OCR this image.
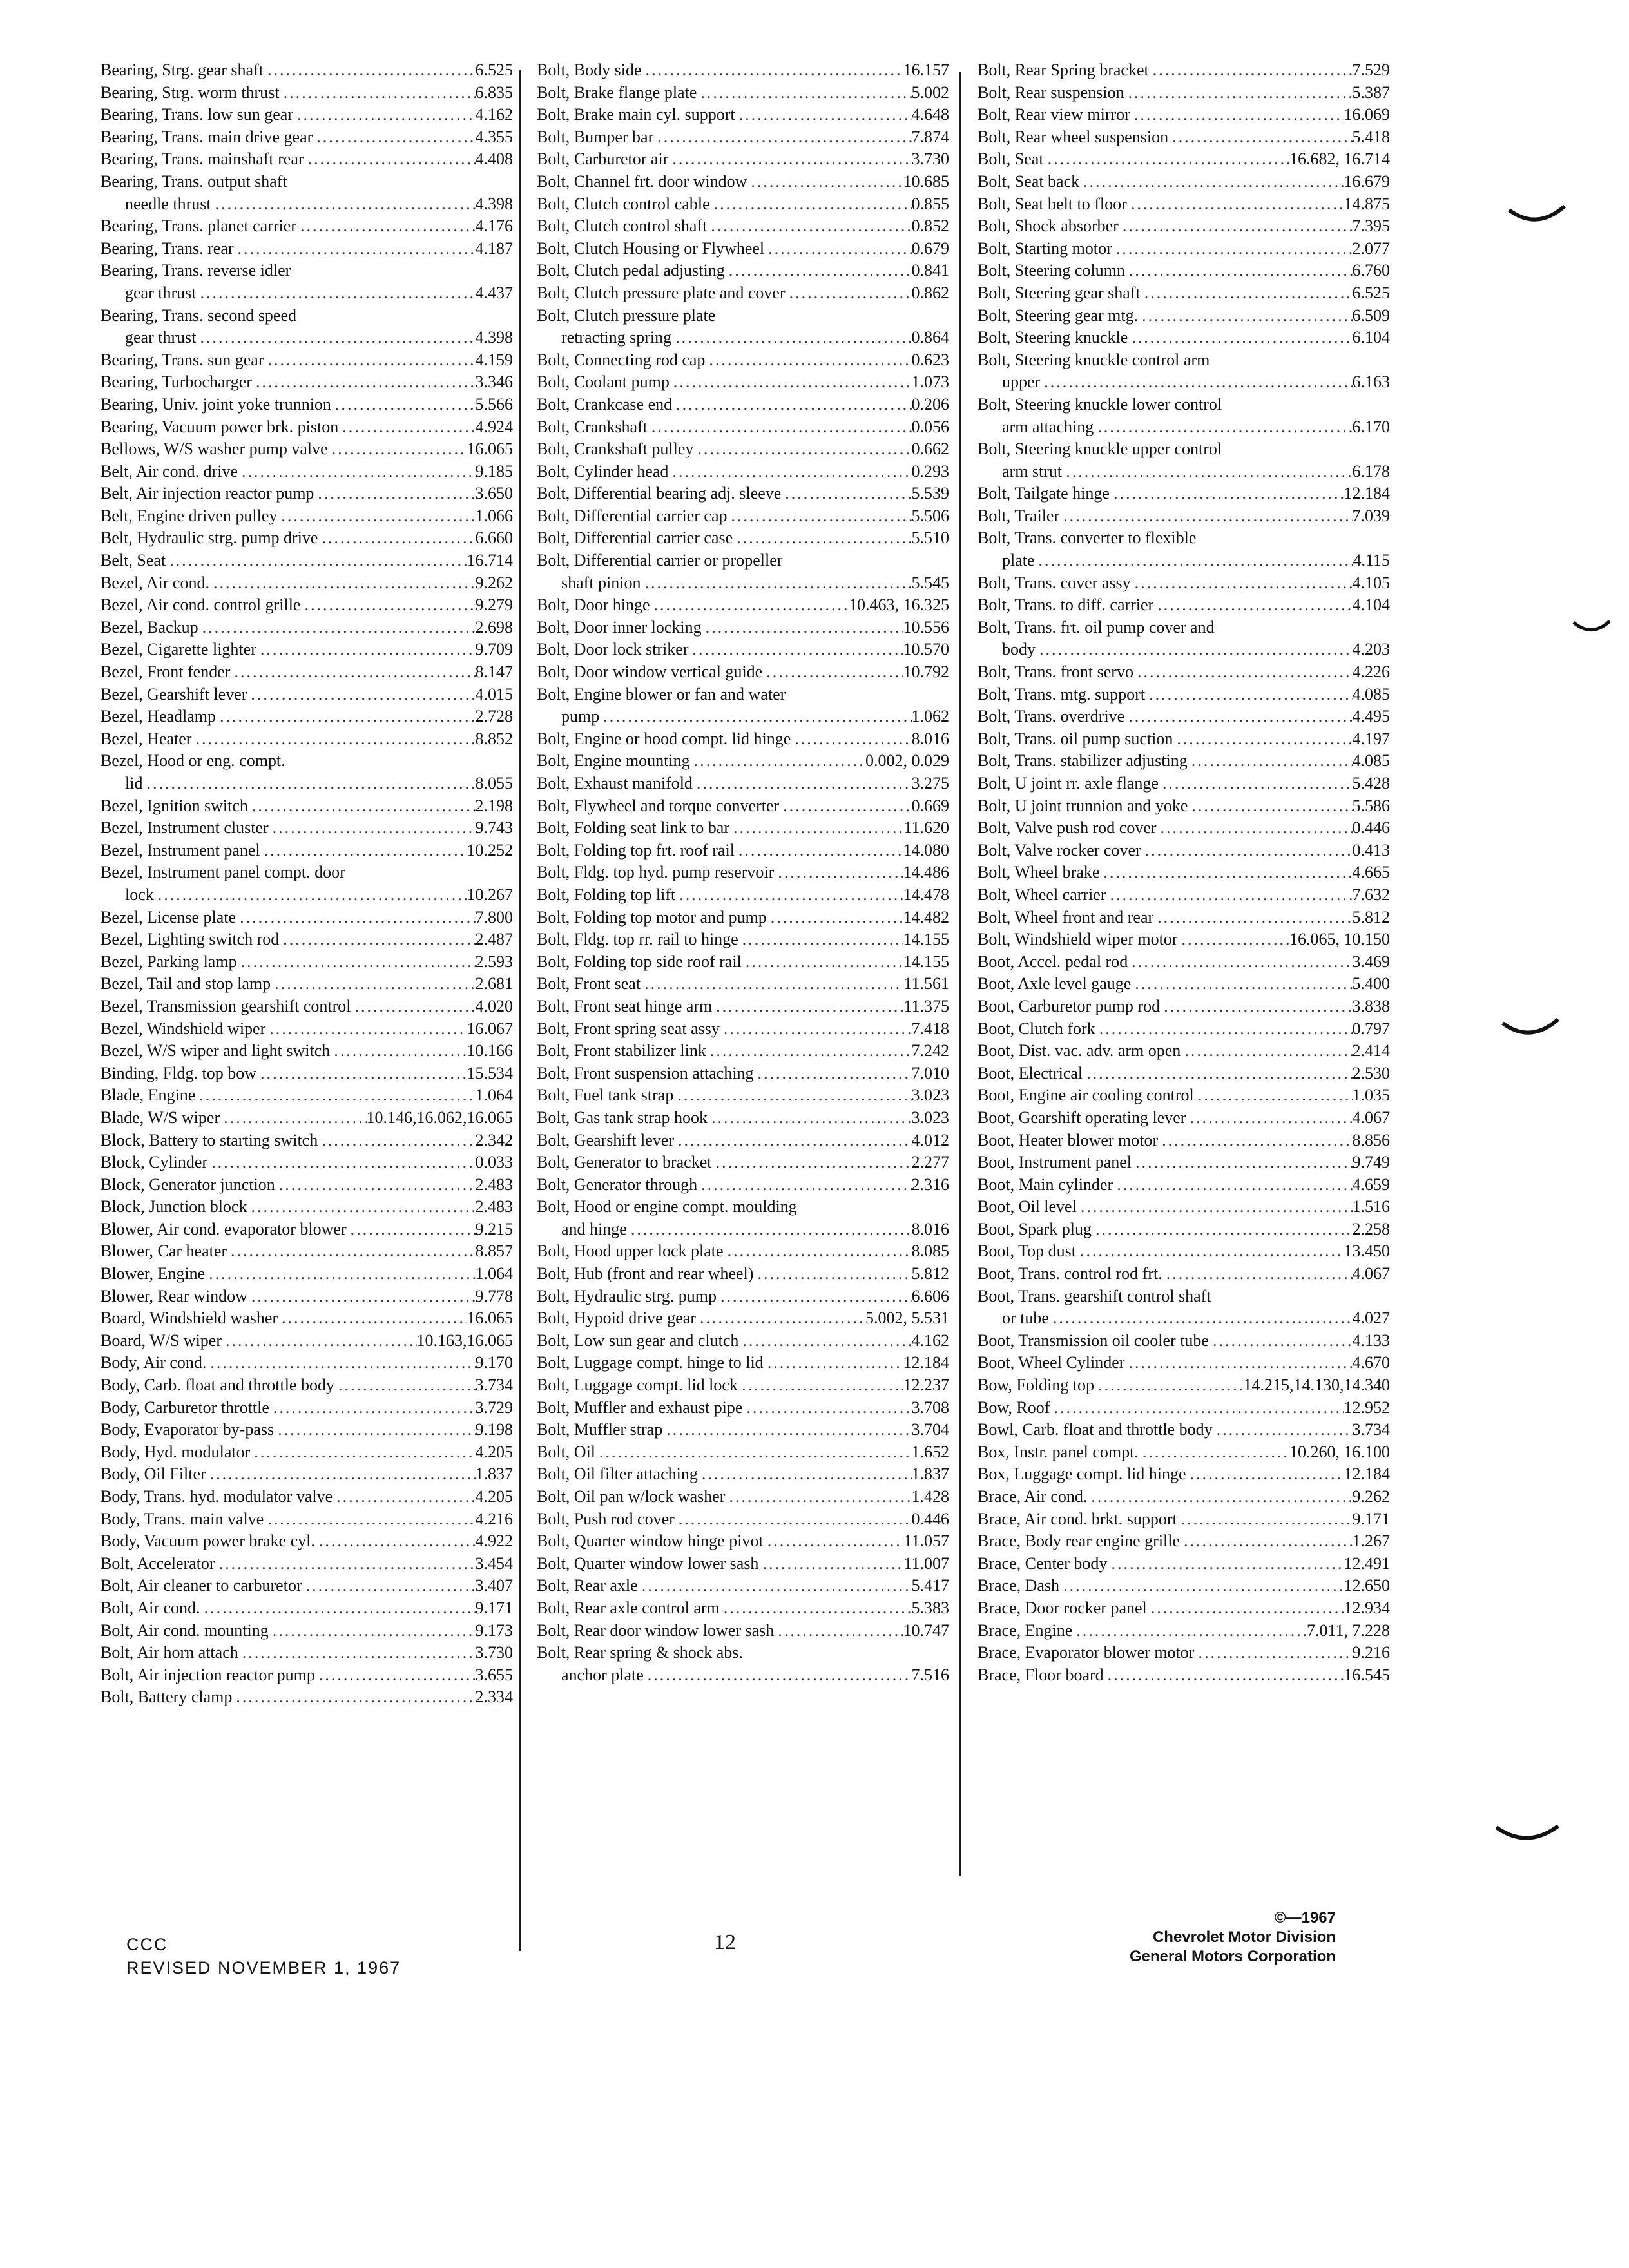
Bearing, Strg. gear shaft .....	6.525
Bearing, Strg. worm thrust .....	6.835
Bearing, Trans. low sun gear .....	4.162
Bearing, Trans. main drive gear .....	4.355
Bearing, Trans. mainshaft rear .....	4.408
Bearing, Trans. output shaft
needle thrust .....	4.398
Bearing, Trans. planet carrier .....	4.176
Bearing, Trans. rear .....	4.187
Bearing, Trans. reverse idler
gear thrust .....	4.437
Bearing, Trans. second speed
gear thrust .....	4.398
Bearing, Trans. sun gear .....	4.159
Bearing, Turbocharger .....	3.346
Bearing, Univ. joint yoke trunnion .....	5.566
Bearing, Vacuum power brk. piston .....	4.924
Bellows, W/S washer pump valve .....	16.065
Belt, Air cond. drive .....	9.185
Belt, Air injection reactor pump .....	3.650
Belt, Engine driven pulley .....	1.066
Belt, Hydraulic strg. pump drive .....	6.660
Belt, Seat .....	16.714
Bezel, Air cond. .....	9.262
Bezel, Air cond. control grille .....	9.279
Bezel, Backup .....	2.698
Bezel, Cigarette lighter .....	9.709
Bezel, Front fender .....	8.147
Bezel, Gearshift lever .....	4.015
Bezel, Headlamp .....	2.728
Bezel, Heater .....	8.852
Bezel, Hood or eng. compt.
lid .....	8.055
Bezel, Ignition switch .....	2.198
Bezel, Instrument cluster .....	9.743
Bezel, Instrument panel .....	10.252
Bezel, Instrument panel compt. door
lock .....	10.267
Bezel, License plate .....	7.800
Bezel, Lighting switch rod .....	2.487
Bezel, Parking lamp .....	2.593
Bezel, Tail and stop lamp .....	2.681
Bezel, Transmission gearshift control .....	4.020
Bezel, Windshield wiper .....	16.067
Bezel, W/S wiper and light switch .....	10.166
Binding, Fldg. top bow .....	15.534
Blade, Engine .....	1.064
Blade, W/S wiper .....	10.146,16.062,16.065
Block, Battery to starting switch .....	2.342
Block, Cylinder .....	0.033
Block, Generator junction .....	2.483
Block, Junction block .....	2.483
Blower, Air cond. evaporator blower .....	9.215
Blower, Car heater .....	8.857
Blower, Engine .....	1.064
Blower, Rear window .....	9.778
Board, Windshield washer .....	16.065
Board, W/S wiper .....	10.163,16.065
Body, Air cond. .....	9.170
Body, Carb. float and throttle body .....	3.734
Body, Carburetor throttle .....	3.729
Body, Evaporator by-pass .....	9.198
Body, Hyd. modulator .....	4.205
Body, Oil Filter .....	1.837
Body, Trans. hyd. modulator valve .....	4.205
Body, Trans. main valve .....	4.216
Body, Vacuum power brake cyl. .....	4.922
Bolt, Accelerator .....	3.454
Bolt, Air cleaner to carburetor .....	3.407
Bolt, Air cond. .....	9.171
Bolt, Air cond. mounting .....	9.173
Bolt, Air horn attach .....	3.730
Bolt, Air injection reactor pump .....	3.655
Bolt, Battery clamp .....	2.334
Bolt, Body side .....	16.157
Bolt, Brake flange plate .....	5.002
Bolt, Brake main cyl. support .....	4.648
Bolt, Bumper bar .....	7.874
Bolt, Carburetor air .....	3.730
Bolt, Channel frt. door window .....	10.685
Bolt, Clutch control cable .....	0.855
Bolt, Clutch control shaft .....	0.852
Bolt, Clutch Housing or Flywheel .....	0.679
Bolt, Clutch pedal adjusting .....	0.841
Bolt, Clutch pressure plate and cover .....	0.862
Bolt, Clutch pressure plate
retracting spring .....	0.864
Bolt, Connecting rod cap .....	0.623
Bolt, Coolant pump .....	1.073
Bolt, Crankcase end .....	0.206
Bolt, Crankshaft .....	0.056
Bolt, Crankshaft pulley .....	0.662
Bolt, Cylinder head .....	0.293
Bolt, Differential bearing adj. sleeve .....	5.539
Bolt, Differential carrier cap .....	5.506
Bolt, Differential carrier case .....	5.510
Bolt, Differential carrier or propeller
shaft pinion .....	5.545
Bolt, Door hinge .....	10.463, 16.325
Bolt, Door inner locking .....	10.556
Bolt, Door lock striker .....	10.570
Bolt, Door window vertical guide .....	10.792
Bolt, Engine blower or fan and water
pump .....	1.062
Bolt, Engine or hood compt. lid hinge .....	8.016
Bolt, Engine mounting .....	0.002, 0.029
Bolt, Exhaust manifold .....	3.275
Bolt, Flywheel and torque converter .....	0.669
Bolt, Folding seat link to bar .....	11.620
Bolt, Folding top frt. roof rail .....	14.080
Bolt, Fldg. top hyd. pump reservoir .....	14.486
Bolt, Folding top lift .....	14.478
Bolt, Folding top motor and pump .....	14.482
Bolt, Fldg. top rr. rail to hinge .....	14.155
Bolt, Folding top side roof rail .....	14.155
Bolt, Front seat .....	11.561
Bolt, Front seat hinge arm .....	11.375
Bolt, Front spring seat assy .....	7.418
Bolt, Front stabilizer link .....	7.242
Bolt, Front suspension attaching .....	7.010
Bolt, Fuel tank strap .....	3.023
Bolt, Gas tank strap hook .....	3.023
Bolt, Gearshift lever .....	4.012
Bolt, Generator to bracket .....	2.277
Bolt, Generator through .....	2.316
Bolt, Hood or engine compt. moulding
and hinge .....	8.016
Bolt, Hood upper lock plate .....	8.085
Bolt, Hub (front and rear wheel) .....	5.812
Bolt, Hydraulic strg. pump .....	6.606
Bolt, Hypoid drive gear .....	5.002, 5.531
Bolt, Low sun gear and clutch .....	4.162
Bolt, Luggage compt. hinge to lid .....	12.184
Bolt, Luggage compt. lid lock .....	12.237
Bolt, Muffler and exhaust pipe .....	3.708
Bolt, Muffler strap .....	3.704
Bolt, Oil .....	1.652
Bolt, Oil filter attaching .....	1.837
Bolt, Oil pan w/lock washer .....	1.428
Bolt, Push rod cover .....	0.446
Bolt, Quarter window hinge pivot .....	11.057
Bolt, Quarter window lower sash .....	11.007
Bolt, Rear axle .....	5.417
Bolt, Rear axle control arm .....	5.383
Bolt, Rear door window lower sash .....	10.747
Bolt, Rear spring & shock abs.
anchor plate .....	7.516
Bolt, Rear Spring bracket .....	7.529
Bolt, Rear suspension .....	5.387
Bolt, Rear view mirror .....	16.069
Bolt, Rear wheel suspension .....	5.418
Bolt, Seat .....	16.682, 16.714
Bolt, Seat back .....	16.679
Bolt, Seat belt to floor .....	14.875
Bolt, Shock absorber .....	7.395
Bolt, Starting motor .....	2.077
Bolt, Steering column .....	6.760
Bolt, Steering gear shaft .....	6.525
Bolt, Steering gear mtg. .....	6.509
Bolt, Steering knuckle .....	6.104
Bolt, Steering knuckle control arm
upper .....	6.163
Bolt, Steering knuckle lower control
arm attaching .....	6.170
Bolt, Steering knuckle upper control
arm strut .....	6.178
Bolt, Tailgate hinge .....	12.184
Bolt, Trailer .....	7.039
Bolt, Trans. converter to flexible
plate .....	4.115
Bolt, Trans. cover assy .....	4.105
Bolt, Trans. to diff. carrier .....	4.104
Bolt, Trans. frt. oil pump cover and
body .....	4.203
Bolt, Trans. front servo .....	4.226
Bolt, Trans. mtg. support .....	4.085
Bolt, Trans. overdrive .....	4.495
Bolt, Trans. oil pump suction .....	4.197
Bolt, Trans. stabilizer adjusting .....	4.085
Bolt, U joint rr. axle flange .....	5.428
Bolt, U joint trunnion and yoke .....	5.586
Bolt, Valve push rod cover .....	0.446
Bolt, Valve rocker cover .....	0.413
Bolt, Wheel brake .....	4.665
Bolt, Wheel carrier .....	7.632
Bolt, Wheel front and rear .....	5.812
Bolt, Windshield wiper motor .....	16.065, 10.150
Boot, Accel. pedal rod .....	3.469
Boot, Axle level gauge .....	5.400
Boot, Carburetor pump rod .....	3.838
Boot, Clutch fork .....	0.797
Boot, Dist. vac. adv. arm open .....	2.414
Boot, Electrical .....	2.530
Boot, Engine air cooling control .....	1.035
Boot, Gearshift operating lever .....	4.067
Boot, Heater blower motor .....	8.856
Boot, Instrument panel .....	9.749
Boot, Main cylinder .....	4.659
Boot, Oil level .....	1.516
Boot, Spark plug .....	2.258
Boot, Top dust .....	13.450
Boot, Trans. control rod frt. .....	4.067
Boot, Trans. gearshift control shaft
or tube .....	4.027
Boot, Transmission oil cooler tube .....	4.133
Boot, Wheel Cylinder .....	4.670
Bow, Folding top .....	14.215,14.130,14.340
Bow, Roof .....	12.952
Bowl, Carb. float and throttle body .....	3.734
Box, Instr. panel compt. .....	10.260, 16.100
Box, Luggage compt. lid hinge .....	12.184
Brace, Air cond. .....	9.262
Brace, Air cond. brkt. support .....	9.171
Brace, Body rear engine grille .....	1.267
Brace, Center body .....	12.491
Brace, Dash .....	12.650
Brace, Door rocker panel .....	12.934
Brace, Engine .....	7.011, 7.228
Brace, Evaporator blower motor .....	9.216
Brace, Floor board .....	16.545
CCC
REVISED NOVEMBER 1, 1967
12
©—1967
Chevrolet Motor Division
General Motors Corporation
